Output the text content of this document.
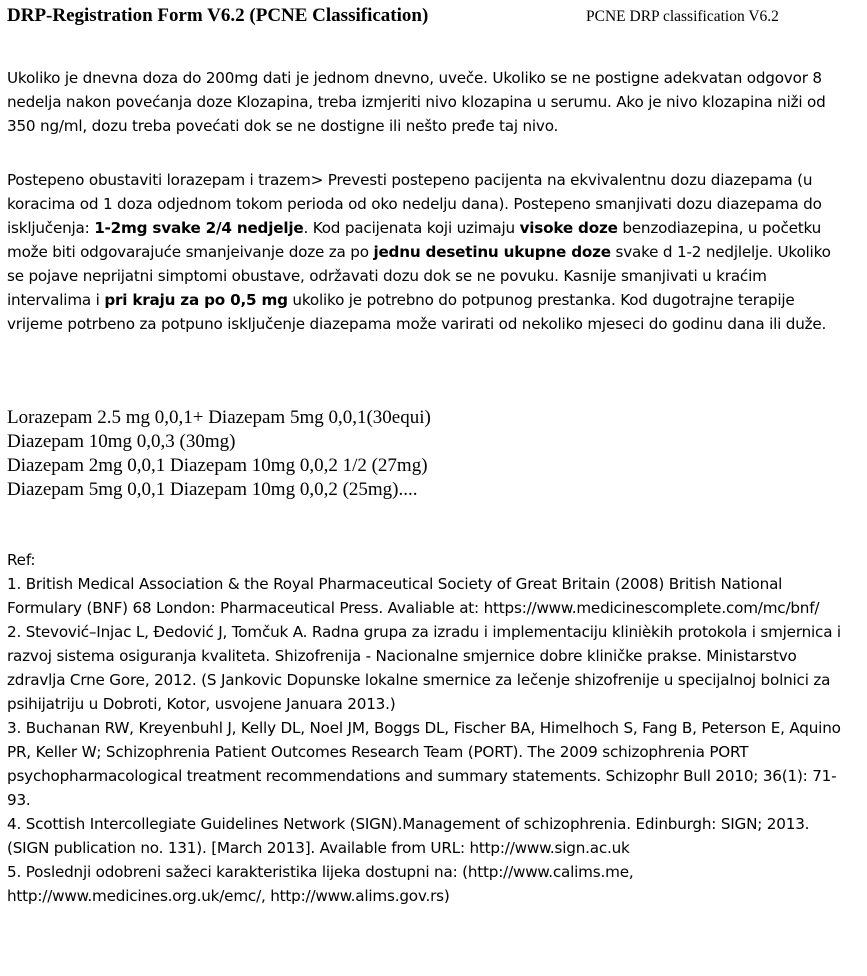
DRP-Registration Form V6.2 (PCNE Classification)	PCNE DRP classification V6.2

Ukoliko je dnevna doza do 200mg dati je jednom dnevno, uveče. Ukoliko se ne postigne adekvatan odgovor 8 nedelja nakon povećanja doze Klozapina, treba izmjeriti nivo klozapina u serumu. Ako je nivo klozapina niži od 350 ng/ml, dozu treba povećati dok se ne dostigne ili nešto pređe taj nivo.

Postepeno obustaviti lorazepam i trazem> Prevesti postepeno pacijenta na ekvivalentnu dozu diazepama (u koracima od 1 doza odjednom tokom perioda od oko nedelju dana). Postepeno smanjivati dozu diazepama do isključenja: 1-2mg svake 2/4 nedjelje. Kod pacijenata koji uzimaju visoke doze benzodiazepina, u početku može biti odgovarajuće smanjeivanje doze za po jednu desetinu ukupne doze svake d 1-2 nedjlelje. Ukoliko se pojave neprijatni simptomi obustave, održavati dozu dok se ne povuku. Kasnije smanjivati u kraćim intervalima i pri kraju za po 0,5 mg ukoliko je potrebno do potpunog prestanka. Kod dugotrajne terapije vrijeme potrbeno za potpuno isključenje diazepama može varirati od nekoliko mjeseci do godinu dana ili duže.

Lorazepam 2.5 mg 0,0,1+ Diazepam 5mg 0,0,1(30equi)
Diazepam 10mg 0,0,3 (30mg)
Diazepam 2mg 0,0,1 Diazepam 10mg 0,0,2 1/2 (27mg)
Diazepam 5mg 0,0,1 Diazepam 10mg 0,0,2 (25mg)....

Ref:

1. British Medical Association & the Royal Pharmaceutical Society of Great Britain (2008) British National Formulary (BNF) 68 London: Pharmaceutical Press. Avaliable at: https://www.medicinescomplete.com/mc/bnf/

2. Stevović–Injac L, Đedović J, Tomčuk A. Radna grupa za izradu i implementaciju klinièkih protokola i smjernica i razvoj sistema osiguranja kvaliteta. Shizofrenija - Nacionalne smjernice dobre kliničke prakse. Ministarstvo zdravlja Crne Gore, 2012. (S Jankovic Dopunske lokalne smernice za lečenje shizofrenije u specijalnoj bolnici za psihijatriju u Dobroti, Kotor, usvojene Januara 2013.)

3. Buchanan RW, Kreyenbuhl J, Kelly DL, Noel JM, Boggs DL, Fischer BA, Himelhoch S, Fang B, Peterson E, Aquino PR, Keller W; Schizophrenia Patient Outcomes Research Team (PORT). The 2009 schizophrenia PORT psychopharmacological treatment recommendations and summary statements. Schizophr Bull 2010; 36(1): 71-93.

4. Scottish Intercollegiate Guidelines Network (SIGN).Management of schizophrenia. Edinburgh: SIGN; 2013. (SIGN publication no. 131). [March 2013]. Available from URL: http://www.sign.ac.uk

5. Poslednji odobreni sažeci karakteristika lijeka dostupni na: (http://www.calims.me, http://www.medicines.org.uk/emc/, http://www.alims.gov.rs)
